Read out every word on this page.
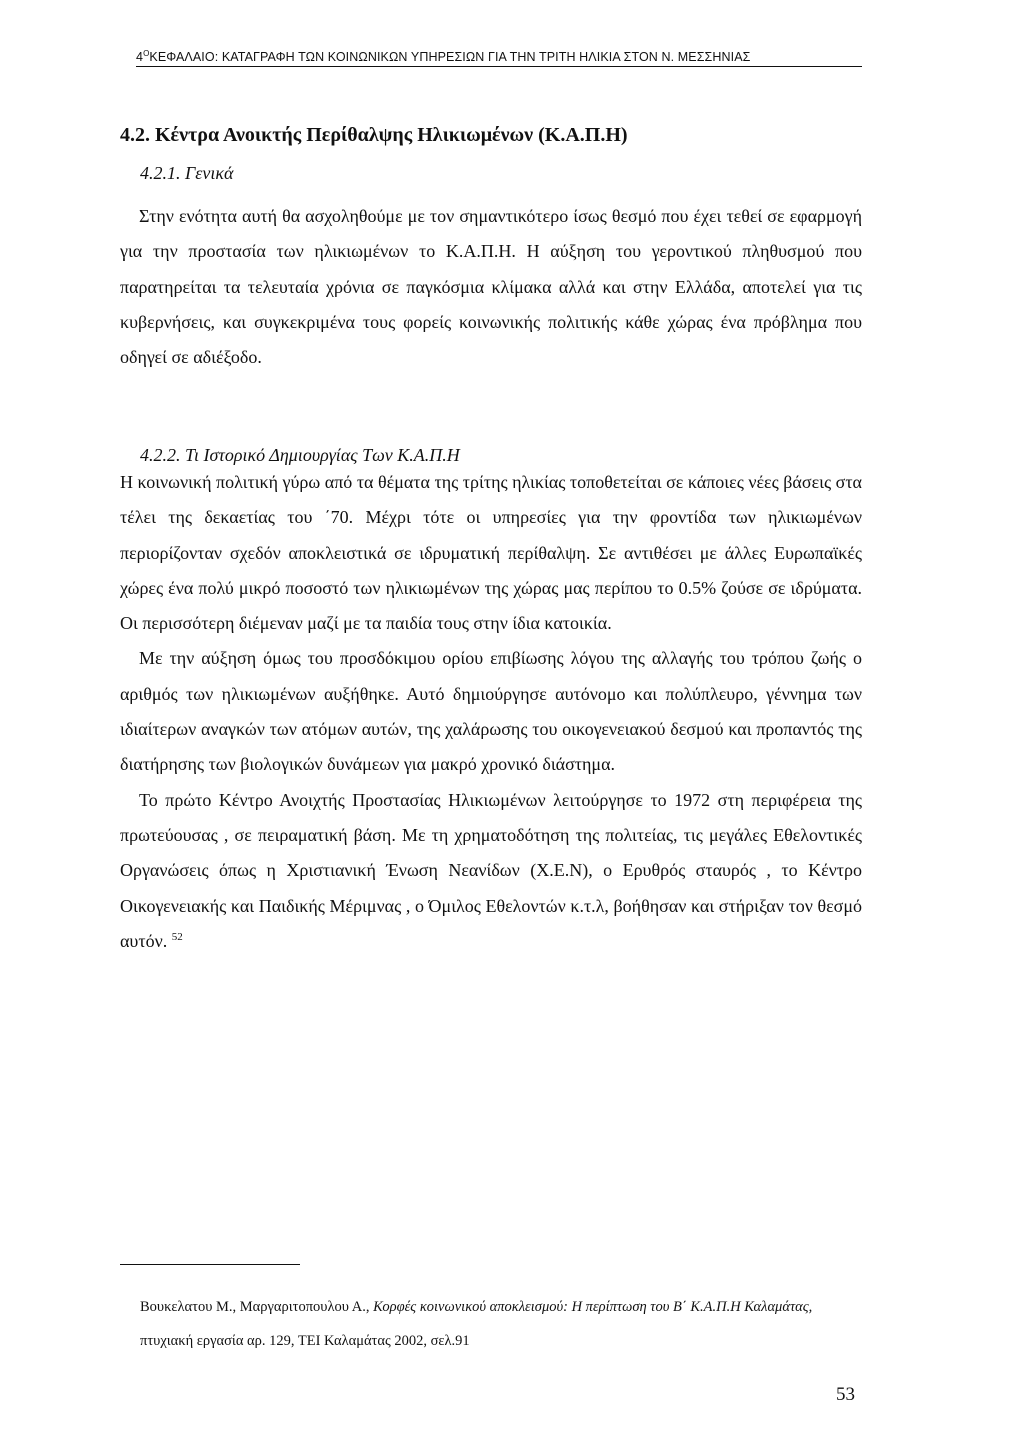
$4^OKE\Phi A\Lambda AIO$: ΚΑΤΑΓΡΑΦΗ ΤΩΝ ΚΟΙΝΩΝΙΚΩΝ ΥΠΗΡΕΣΙΩΝ ΓΙΑ ΤΗΝ ΤΡΙΤΗ ΗΛΙΚΙΑ ΣΤΟΝ Ν. ΜΕΣΣΗΝΙΑΣ
4.2. Κέντρα Ανοικτής Περίθαλψης Ηλικιωμένων (Κ.Α.Π.Η)
4.2.1. Γενικά

Στην ενότητα αυτή θα ασχοληθούμε με τον σημαντικότερο ίσως θεσμό που έχει τεθεί σε εφαρμογή για την προστασία των ηλικιωμένων το Κ.Α.Π.Η. Η αύξηση του γεροντικού πληθυσμού που παρατηρείται τα τελευταία χρόνια σε παγκόσμια κλίμακα αλλά και στην Ελλάδα, αποτελεί για τις κυβερνήσεις, και συγκεκριμένα τους φορείς κοινωνικής πολιτικής κάθε χώρας ένα πρόβλημα που οδηγεί σε αδιέξοδο.

4.2.2. Τι Ιστορικό Δημιουργίας Των Κ.Α.Π.Η

Η κοινωνική πολιτική γύρω από τα θέματα της τρίτης ηλικίας τοποθετείται σε κάποιες νέες βάσεις στα τέλει της δεκαετίας του ΄70. Μέχρι τότε οι υπηρεσίες για την φροντίδα των ηλικιωμένων περιορίζονταν σχεδόν αποκλειστικά σε ιδρυματική περίθαλψη. Σε αντιθέσει με άλλες Ευρωπαϊκές χώρες ένα πολύ μικρό ποσοστό των ηλικιωμένων της χώρας μας περίπου το 0.5% ζούσε σε ιδρύματα. Οι περισσότερη διέμεναν μαζί με τα παιδία τους στην ίδια κατοικία.

Με την αύξηση όμως του προσδόκιμου ορίου επιβίωσης λόγου της αλλαγής του τρόπου ζωής ο αριθμός των ηλικιωμένων αυξήθηκε. Αυτό δημιούργησε αυτόνομο και πολύπλευρο, γέννημα των ιδιαίτερων αναγκών των ατόμων αυτών, της χαλάρωσης του οικογενειακού δεσμού και προπαντός της διατήρησης των βιολογικών δυνάμεων για μακρό χρονικό διάστημα.

Το πρώτο Κέντρο Ανοιχτής Προστασίας Ηλικιωμένων λειτούργησε το 1972 στη περιφέρεια της πρωτεύουσας , σε πειραματική βάση. Με τη χρηματοδότηση της πολιτείας, τις μεγάλες Εθελοντικές Οργανώσεις όπως η Χριστιανική Ένωση Νεανίδων (Χ.Ε.Ν), ο Ερυθρός σταυρός , το Κέντρο Οικογενειακής και Παιδικής Μέριμνας , ο Όμιλος Εθελοντών κ.τ.λ, βοήθησαν και στήριξαν τον θεσμό αυτόν. $^{52}$

Βουκελατου Μ., Μαργαριτοπουλου Α., Κορφές κοινωνικού αποκλεισμού: Η περίπτωση του Β΄ Κ.Α.Π.Η Καλαμάτας, πτυχιακή εργασία αρ. 129, ΤΕΙ Καλαμάτας 2002, σελ.91
53
